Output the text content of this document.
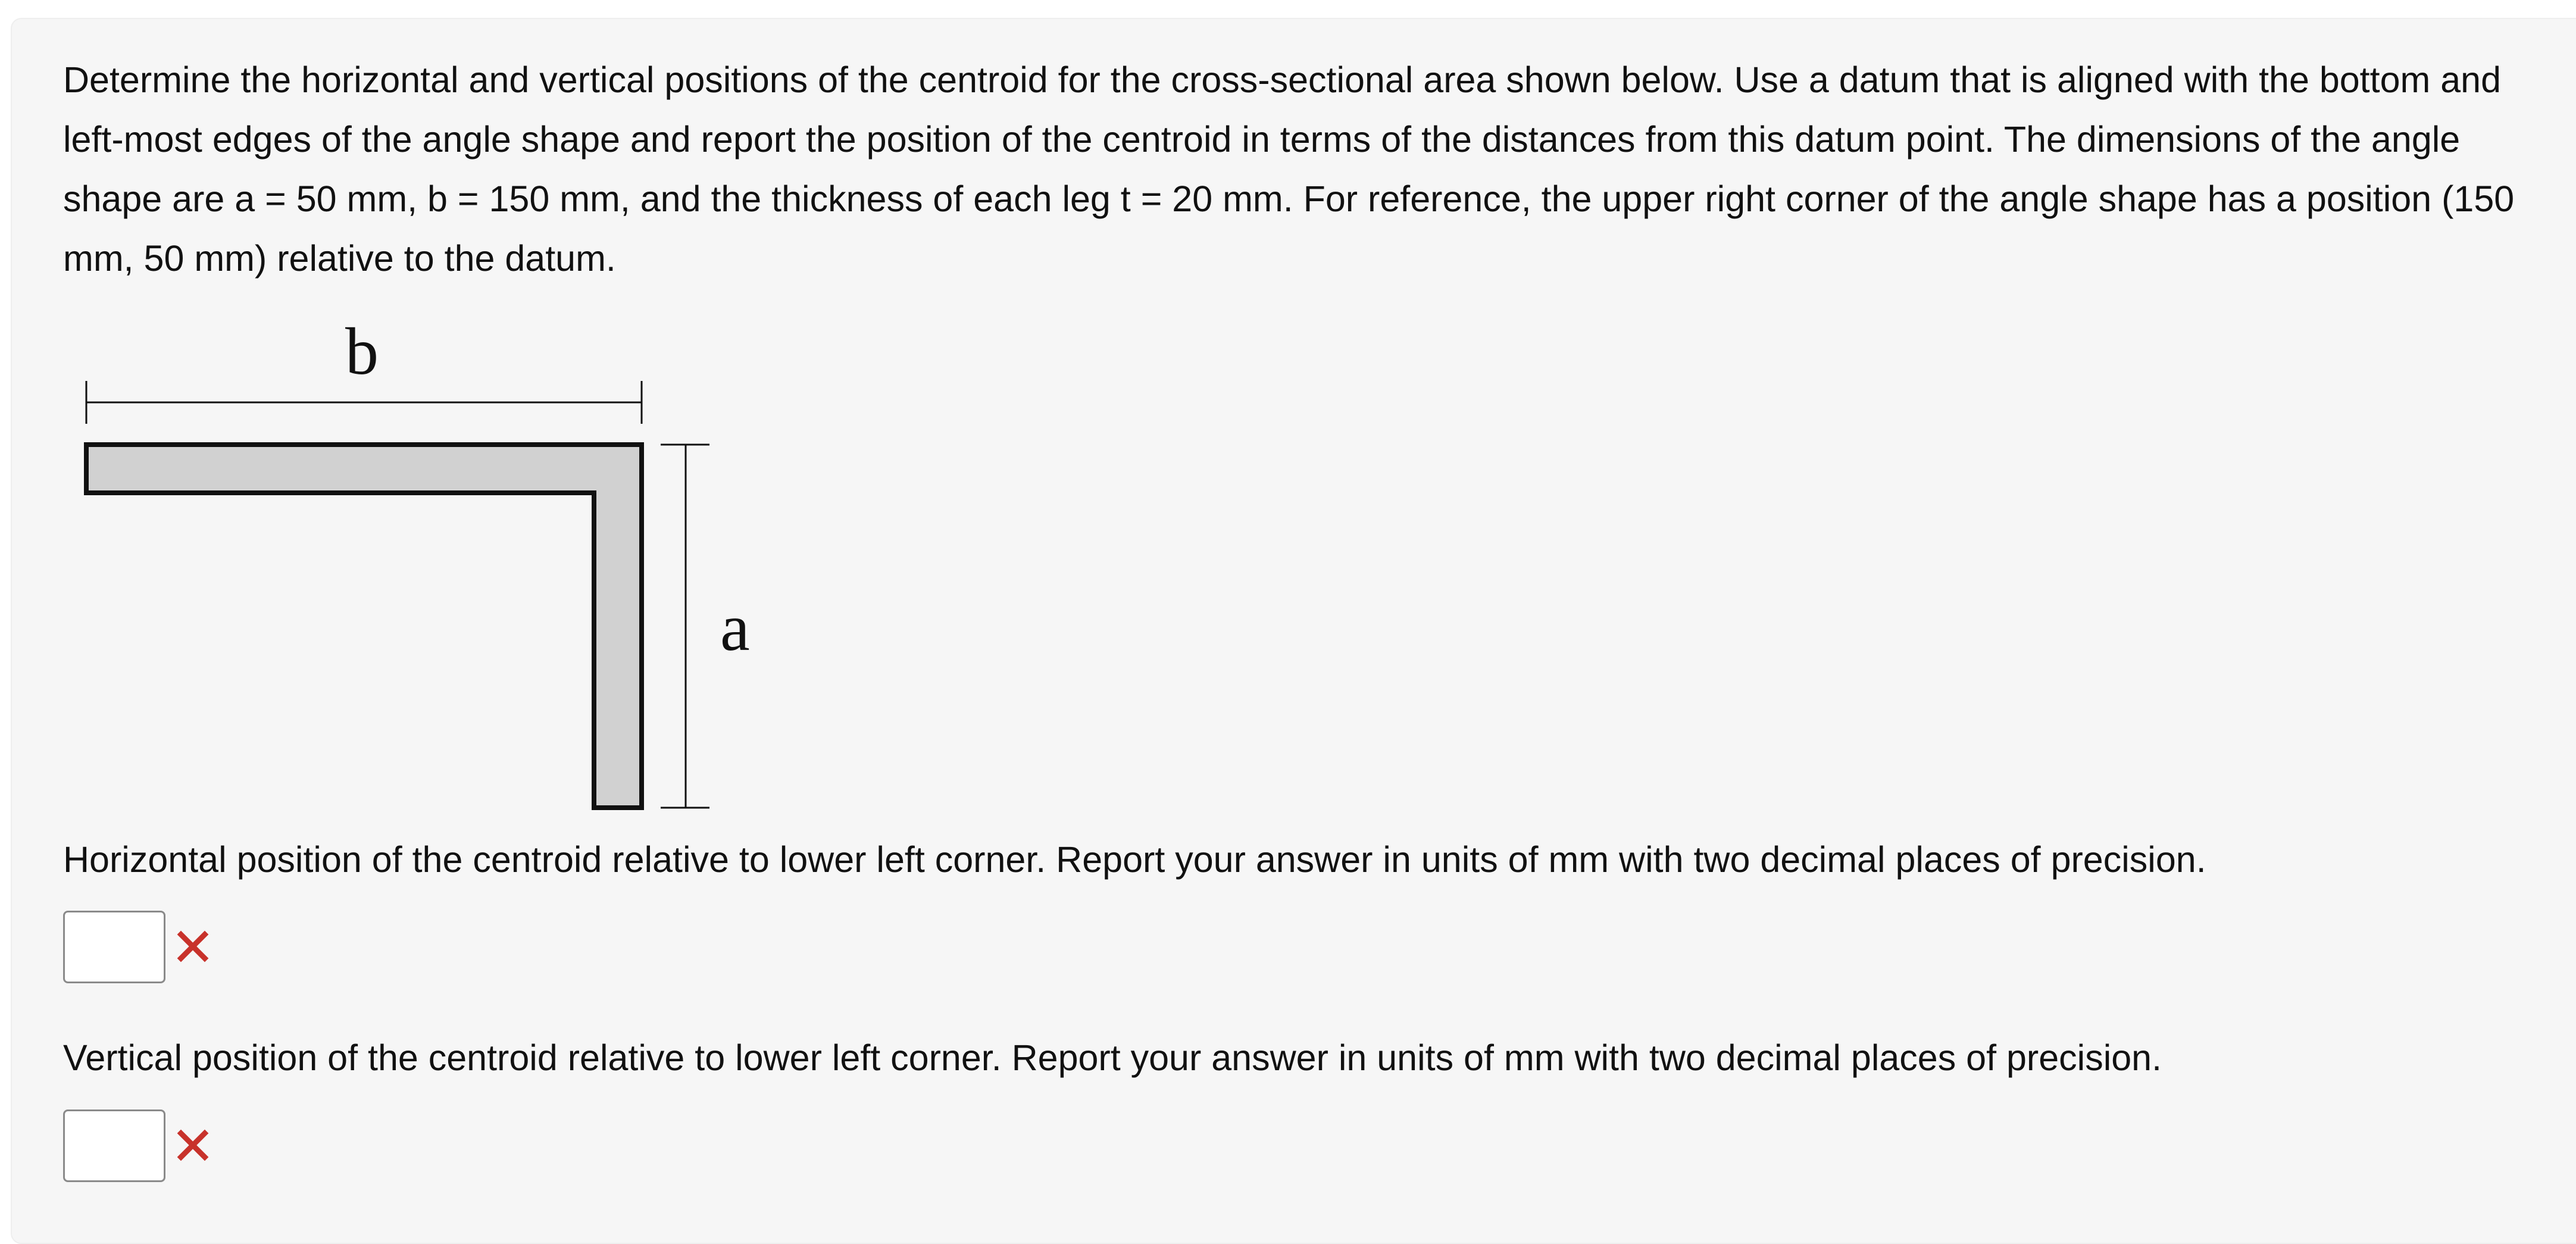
Determine the horizontal and vertical positions of the centroid for the cross-sectional area shown below. Use a datum that is aligned with the bottom and left-most edges of the angle shape and report the position of the centroid in terms of the distances from this datum point. The dimensions of the angle shape are a = 50 mm, b = 150 mm, and the thickness of each leg t = 20 mm. For reference, the upper right corner of the angle shape has a position (150 mm, 50 mm) relative to the datum.

b
a

Horizontal position of the centroid relative to lower left corner. Report your answer in units of mm with two decimal places of precision.

Vertical position of the centroid relative to lower left corner. Report your answer in units of mm with two decimal places of precision.
